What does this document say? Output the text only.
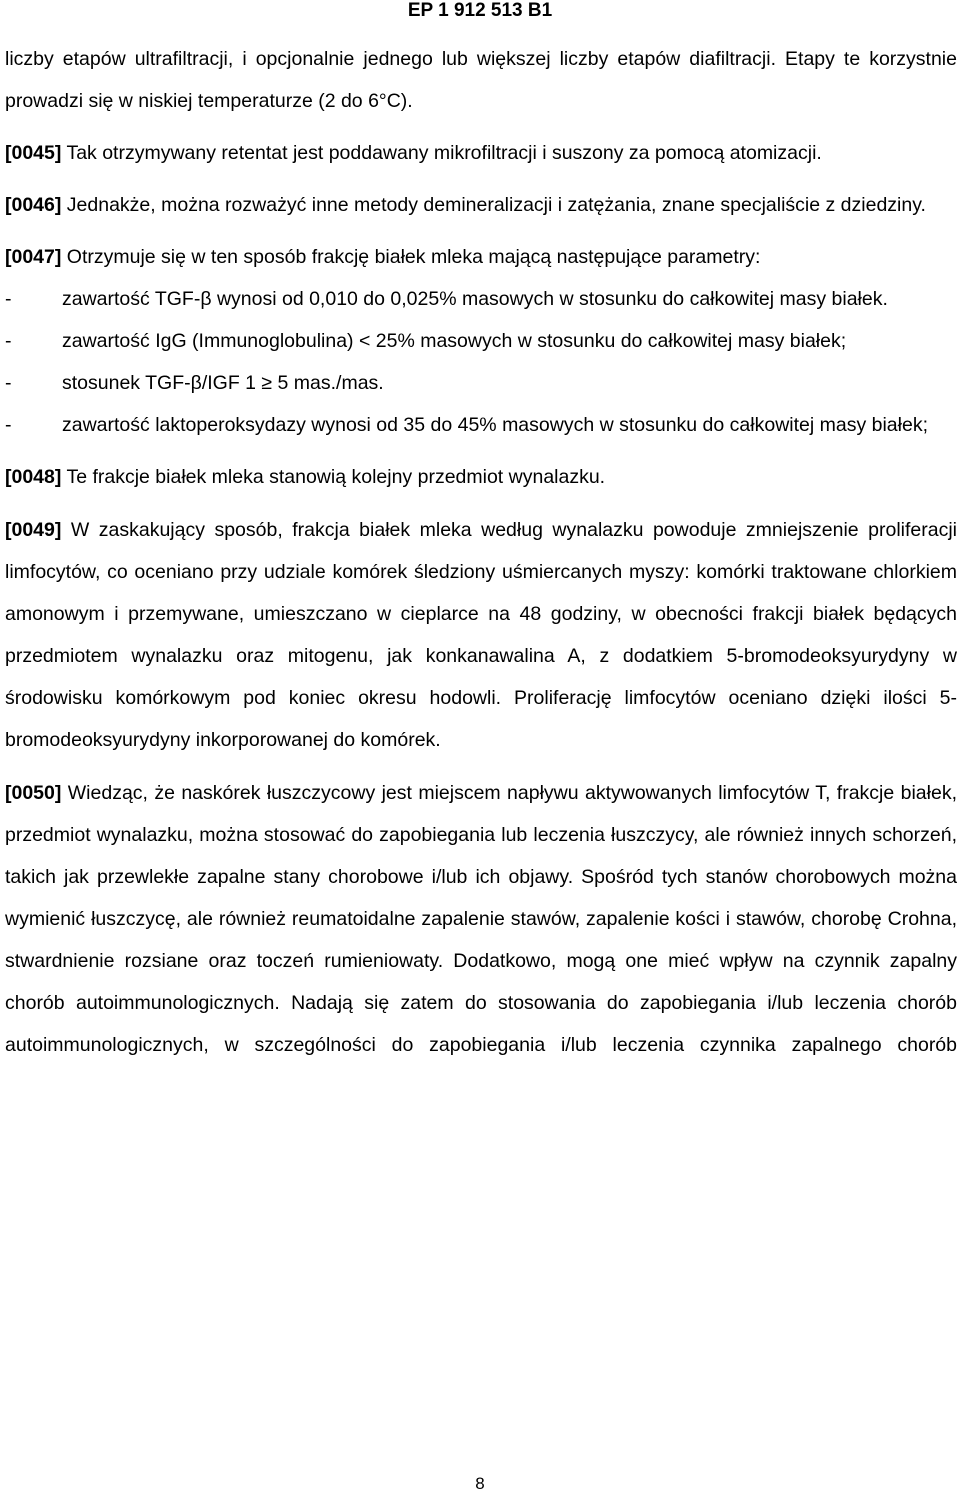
EP 1 912 513 B1

liczby etapów ultrafiltracji, i opcjonalnie jednego lub większej liczby etapów diafiltracji. Etapy te korzystnie prowadzi się w niskiej temperaturze (2 do 6°C).

[0045] Tak otrzymywany retentat jest poddawany mikrofiltracji i suszony za pomocą atomizacji.

[0046] Jednakże, można rozważyć inne metody demineralizacji i zatężania, znane specjaliście z dziedziny.

[0047] Otrzymuje się w ten sposób frakcję białek mleka mającą następujące parametry:

-	zawartość TGF-β wynosi od 0,010 do 0,025% masowych w stosunku do całkowitej masy białek.

-	zawartość IgG (Immunoglobulina) < 25% masowych w stosunku do całkowitej masy białek;

-	stosunek TGF-β/IGF 1 ≥ 5 mas./mas.

-	zawartość laktoperoksydazy wynosi od 35 do 45% masowych w stosunku do całkowitej masy białek;

[0048] Te frakcje białek mleka stanowią kolejny przedmiot wynalazku.

[0049] W zaskakujący sposób, frakcja białek mleka według wynalazku powoduje zmniejszenie proliferacji limfocytów, co oceniano przy udziale komórek śledziony uśmiercanych myszy: komórki traktowane chlorkiem amonowym i przemywane, umieszczano w cieplarce na 48 godziny, w obecności frakcji białek będących przedmiotem wynalazku oraz mitogenu, jak konkanawalina A, z dodatkiem 5-bromodeoksyurydyny w środowisku komórkowym pod koniec okresu hodowli. Proliferację limfocytów oceniano dzięki ilości 5-bromodeoksyurydyny inkorporowanej do komórek.

[0050] Wiedząc, że naskórek łuszczycowy jest miejscem napływu aktywowanych limfocytów T, frakcje białek, przedmiot wynalazku, można stosować do zapobiegania lub leczenia łuszczycy, ale również innych schorzeń, takich jak przewlekłe zapalne stany chorobowe i/lub ich objawy. Spośród tych stanów chorobowych można wymienić łuszczycę, ale również reumatoidalne zapalenie stawów, zapalenie kości i stawów, chorobę Crohna, stwardnienie rozsiane oraz toczeń rumieniowaty. Dodatkowo, mogą one mieć wpływ na czynnik zapalny chorób autoimmunologicznych. Nadają się zatem do stosowania do zapobiegania i/lub leczenia chorób autoimmunologicznych, w szczególności do zapobiegania i/lub leczenia czynnika zapalnego chorób

8
